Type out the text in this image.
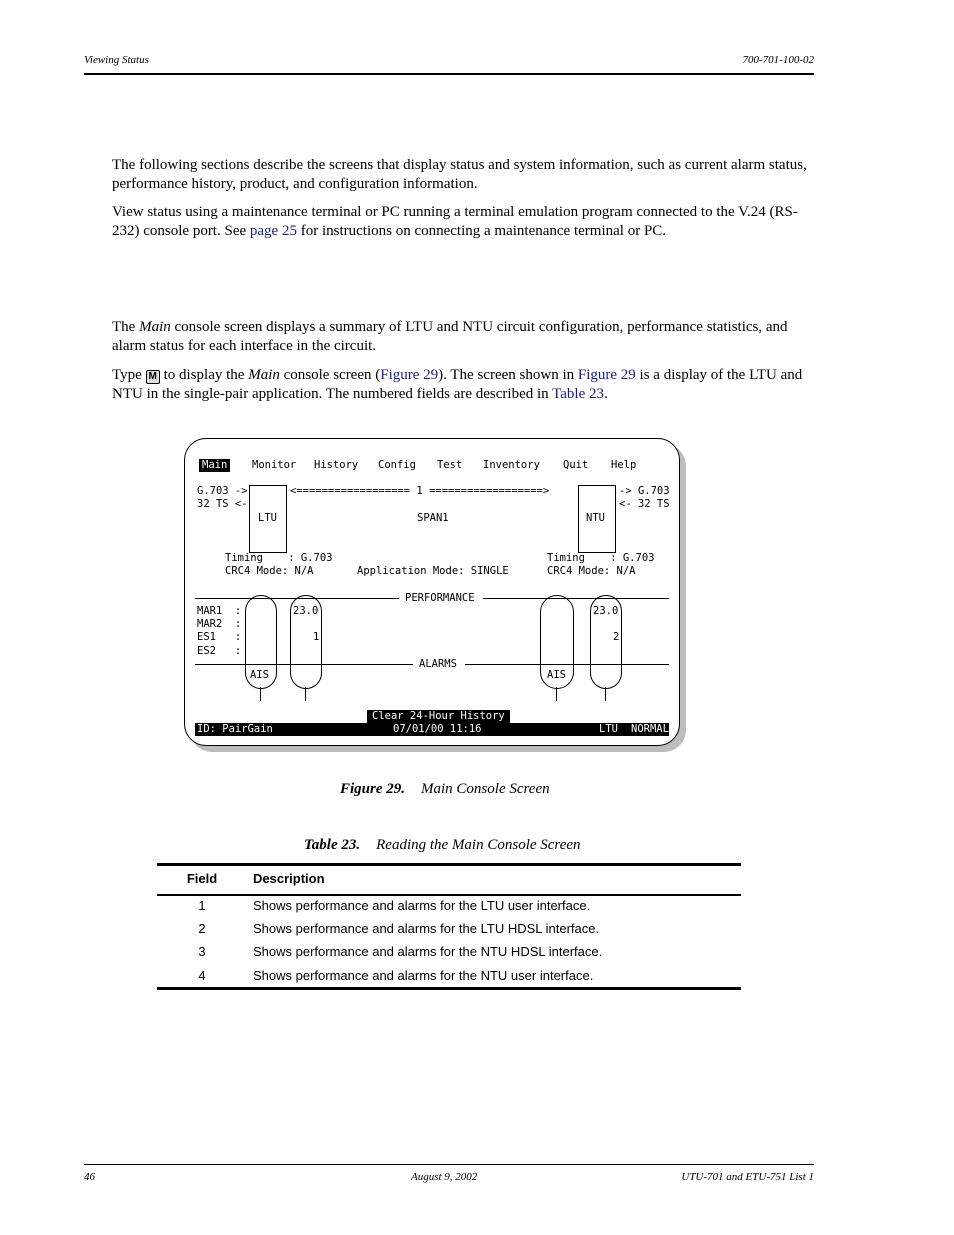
Viewing Status	700-701-100-02

The following sections describe the screens that display status and system information, such as current alarm status, performance history, product, and configuration information.

View status using a maintenance terminal or PC running a terminal emulation program connected to the V.24 (RS-232) console port. See page 25 for instructions on connecting a maintenance terminal or PC.

The Main console screen displays a summary of LTU and NTU circuit configuration, performance statistics, and alarm status for each interface in the circuit.

Type M to display the Main console screen (Figure 29). The screen shown in Figure 29 is a display of the LTU and NTU in the single-pair application. The numbered fields are described in Table 23.

Main

Monitor

History

Config

Test

Inventory

Quit

Help

G.703 ->
32 TS <-
LTU
<================== 1 ==================>
SPAN1	NTU
-> G.703
<- 32 TS
Timing    : G.703
CRC4 Mode: N/A	Application Mode: SINGLE
Timing    : G.703
CRC4 Mode: N/A
PERFORMANCE
MAR1  :
MAR2  :
ES1   :
ES2   :
ALARMS
23.0
1
23.0
2
AIS	AIS
Clear 24-Hour History
ID: PairGain	07/01/00 11:16	LTU NORMAL
Figure 29. Main Console Screen
Table 23. Reading the Main Console Screen
Field	Description
1	Shows performance and alarms for the LTU user interface.
2	Shows performance and alarms for the LTU HDSL interface.
3	Shows performance and alarms for the NTU HDSL interface.
4	Shows performance and alarms for the NTU user interface.
46	August 9, 2002	UTU-701 and ETU-751 List 1
